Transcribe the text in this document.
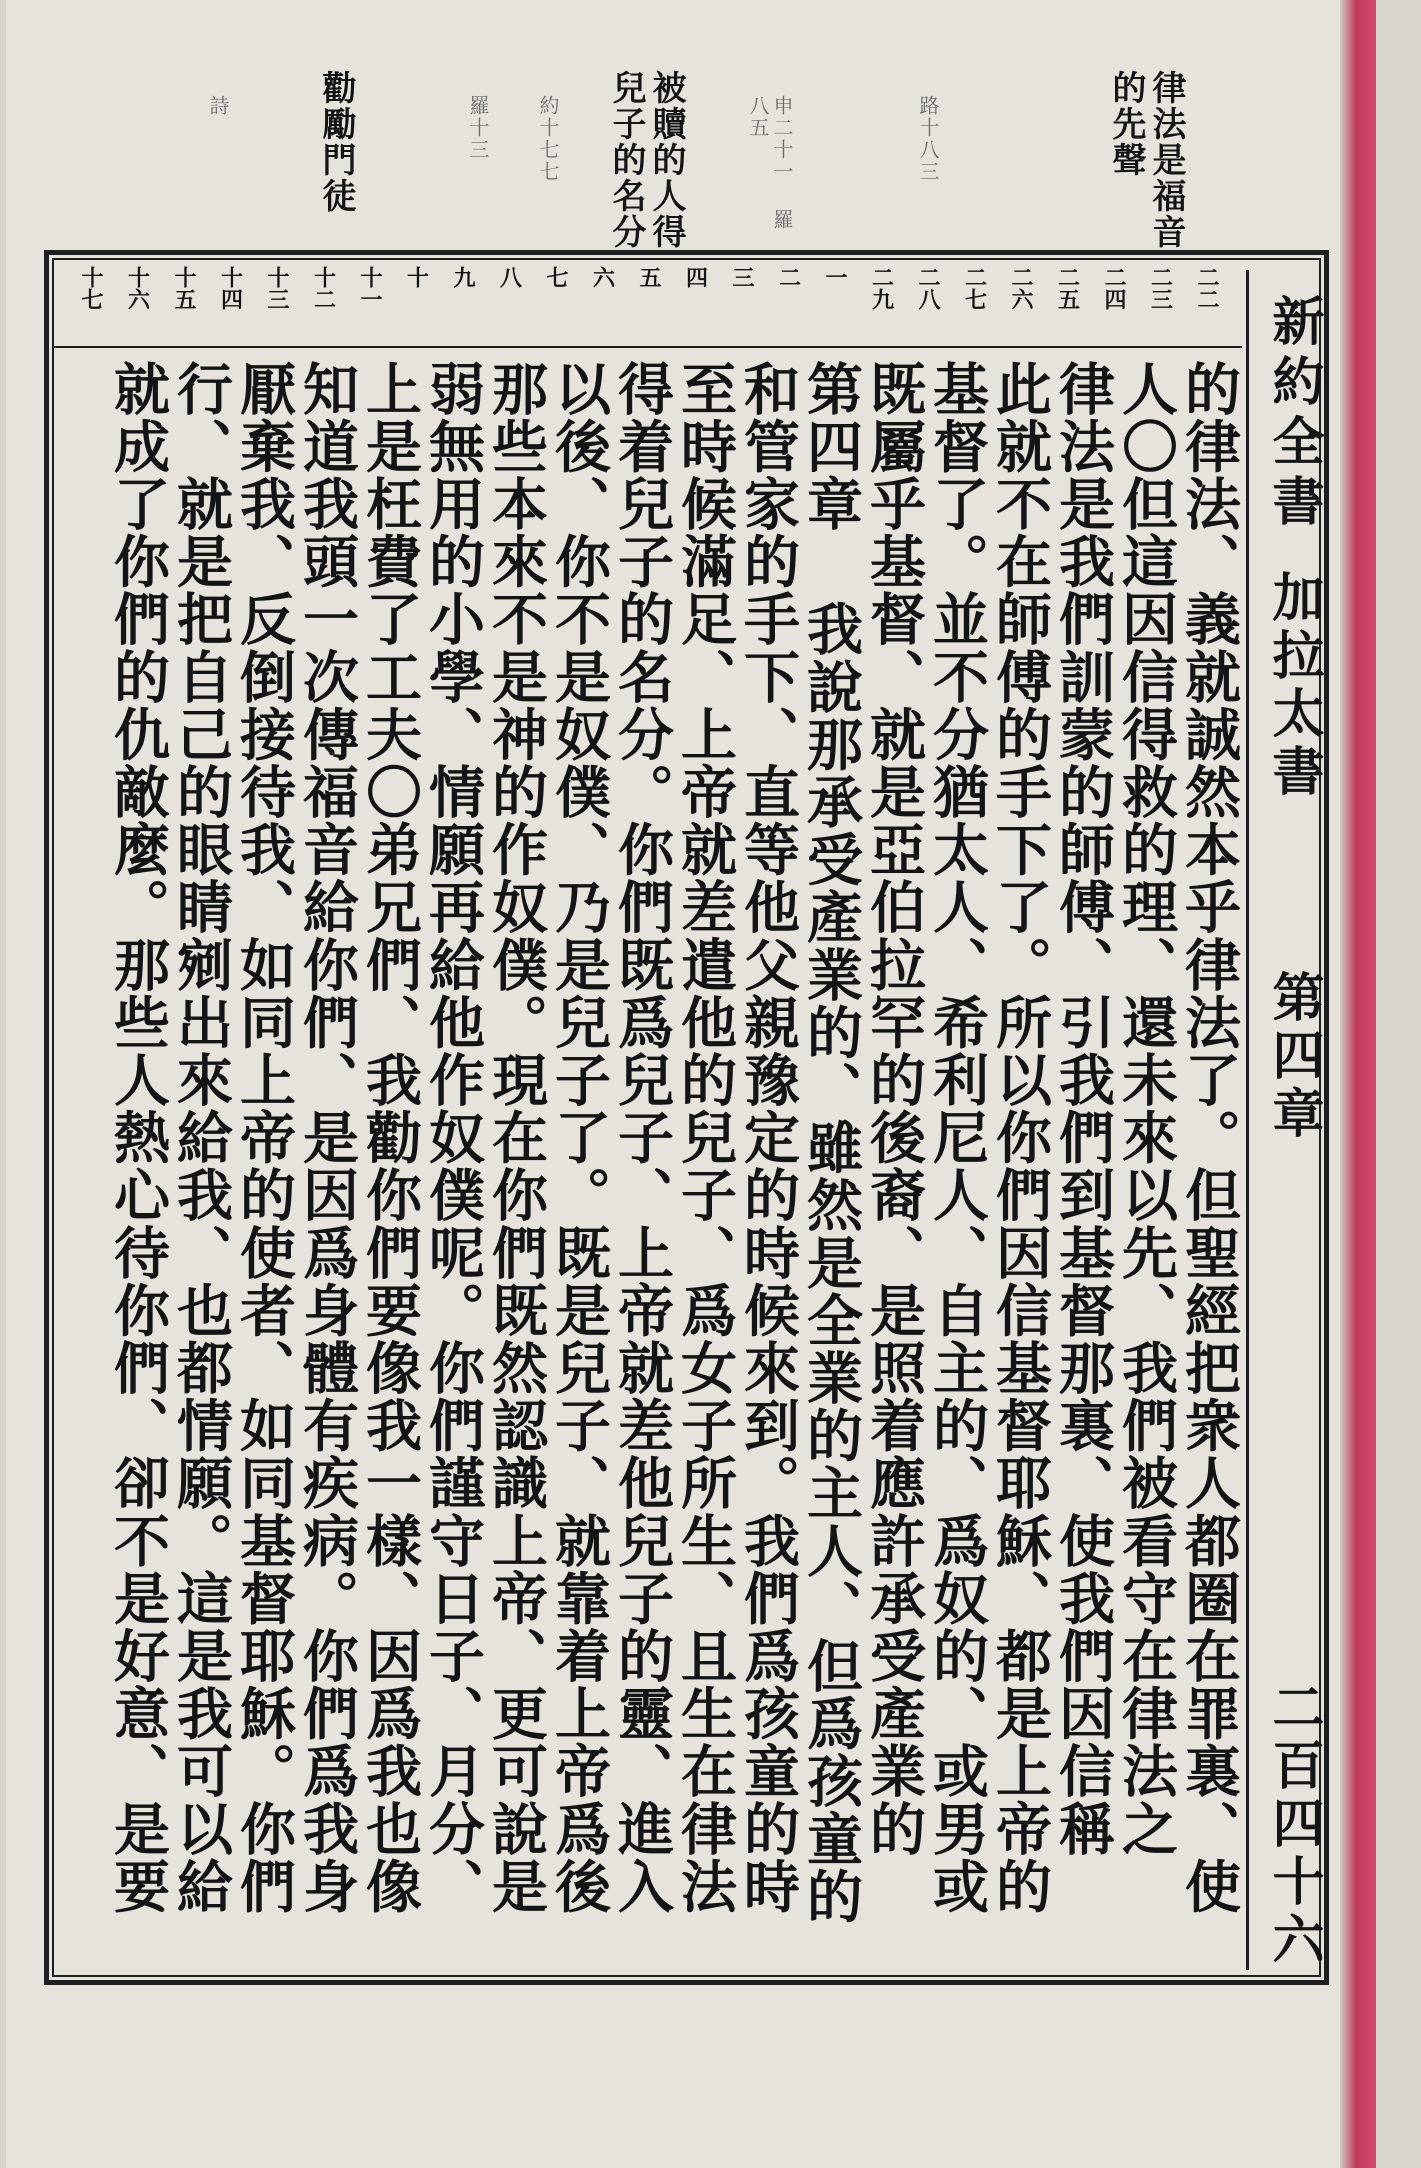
律法是福音的先聲
被贖的人得兒子的名分
勸勵門徒	路十八三
申二十一 羅八五
約十七七
羅十三
詩
新約全書
加拉太書
第四章
二百四十六
二二
二三
二四
二五
二六
二七
二八
二九
一
二
三
四
五
六
七
八
九
十
十一
十二
十三
十四
十五
十六
十七
的律法、義就誠然本乎律法了。但聖經把衆人都圈在罪裏、使
人〇但這因信得救的理、還未來以先、我們被看守在律法之
律法是我們訓蒙的師傅、引我們到基督那裏、使我們因信稱
此就不在師傅的手下了。所以你們因信基督耶穌、都是上帝的
基督了。並不分猶太人、希利尼人、自主的、爲奴的、或男或
既屬乎基督、就是亞伯拉罕的後裔、是照着應許承受產業的
第四章 我說那承受產業的、雖然是全業的主人、但爲孩童的
和管家的手下、直等他父親豫定的時候來到。我們爲孩童的時
至時候滿足、上帝就差遣他的兒子、爲女子所生、且生在律法
得着兒子的名分。你們既爲兒子、上帝就差他兒子的靈、進入
以後、你不是奴僕、乃是兒子了。既是兒子、就靠着上帝爲後
那些本來不是神的作奴僕。現在你們既然認識上帝、更可說是
弱無用的小學、情願再給他作奴僕呢。你們謹守日子、月分、
上是枉費了工夫〇弟兄們、我勸你們要像我一樣、因爲我也像
知道我頭一次傳福音給你們、是因爲身體有疾病。你們爲我身
厭棄我、反倒接待我、如同上帝的使者、如同基督耶穌。你們
行、就是把自己的眼睛剜出來給我、也都情願。這是我可以給
就成了你們的仇敵麼。那些人熱心待你們、卻不是好意、是要
